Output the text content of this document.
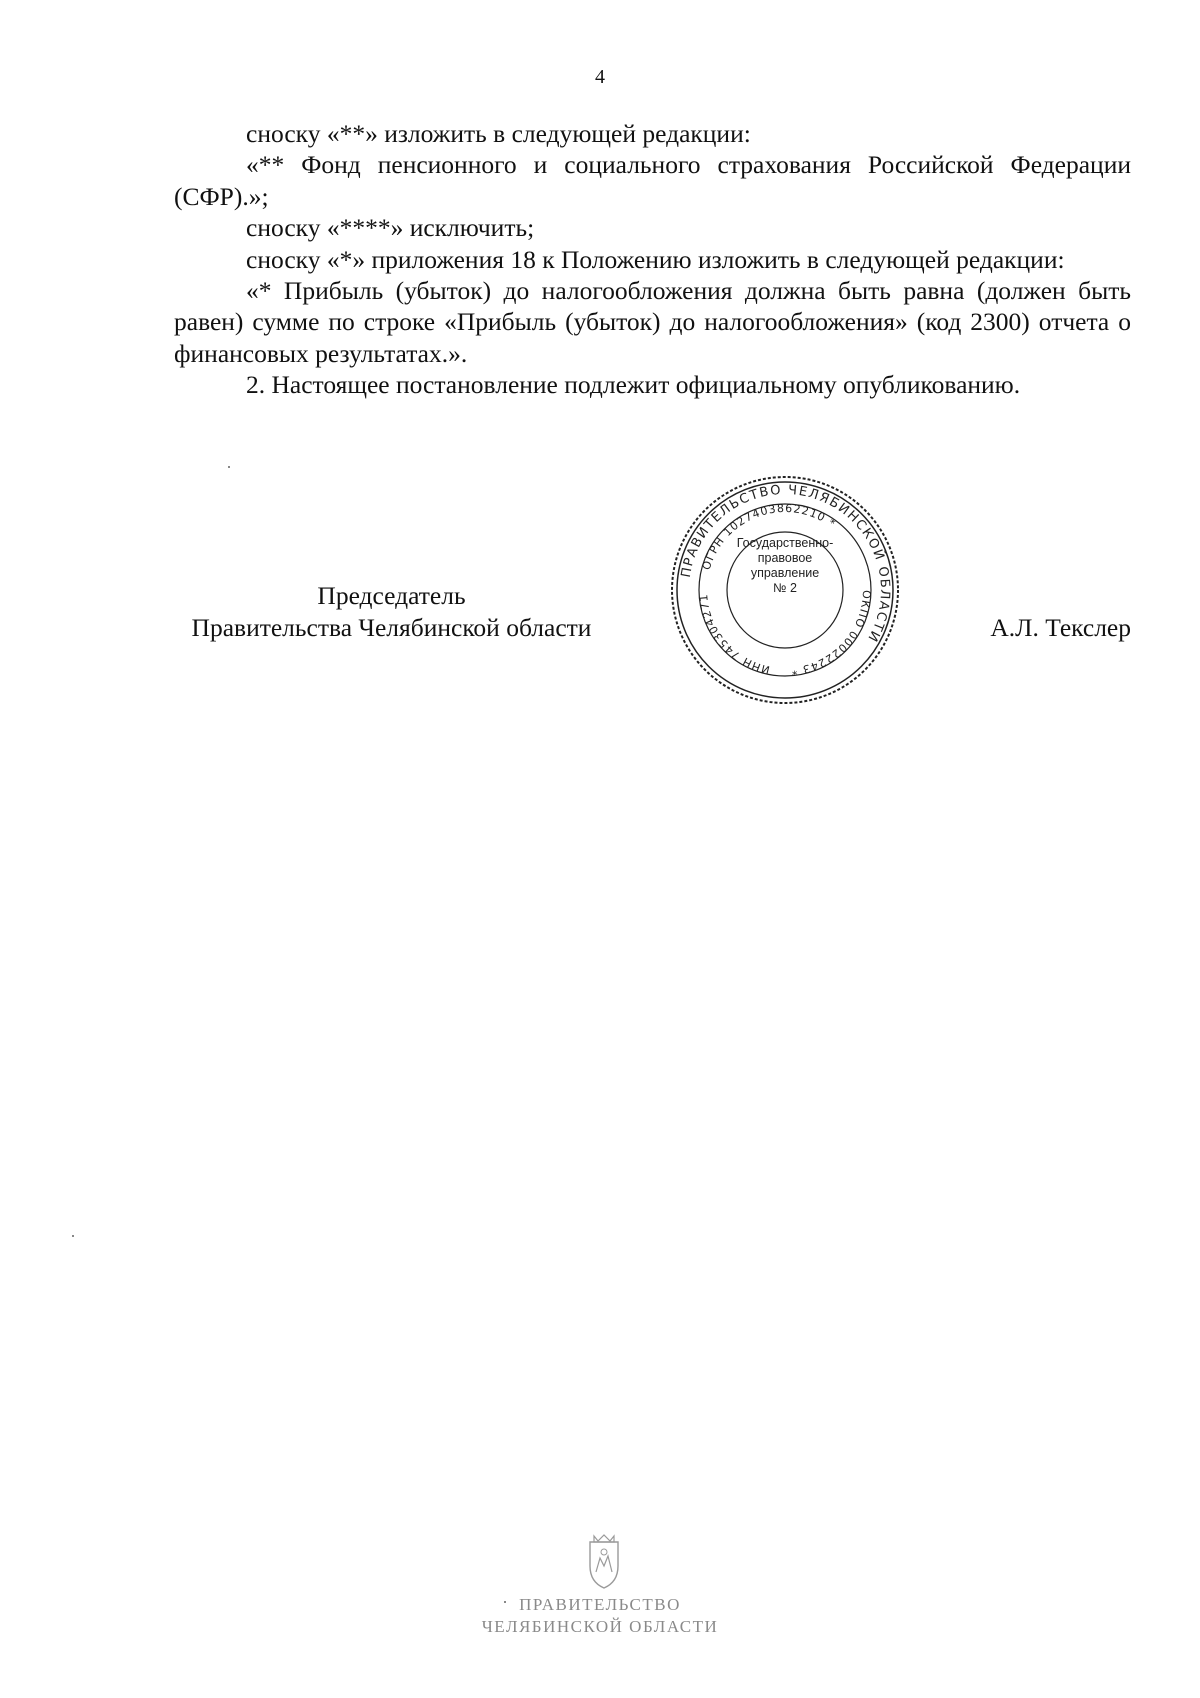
4

сноску «**» изложить в следующей редакции:

«** Фонд пенсионного и социального страхования Российской Федерации (СФР).»;

сноску «****» исключить;

сноску «*» приложения 18 к Положению изложить в следующей редакции:

«* Прибыль (убыток) до налогообложения должна быть равна (должен быть равен) сумме по строке «Прибыль (убыток) до налогообложения» (код 2300) отчета о финансовых результатах.».

2. Настоящее постановление подлежит официальному опубликованию.

Председатель
Правительства Челябинской области	А.Л. Текслер
ПРАВИТЕЛЬСТВО ЧЕЛЯБИНСКОЙ ОБЛАСТИ
ОГРН 1027403862210 *
ОКПО 00022243 *
ИНН 745304271
Государственно-
правовое
управление
№ 2
ПРАВИТЕЛЬСТВО
ЧЕЛЯБИНСКОЙ ОБЛАСТИ
